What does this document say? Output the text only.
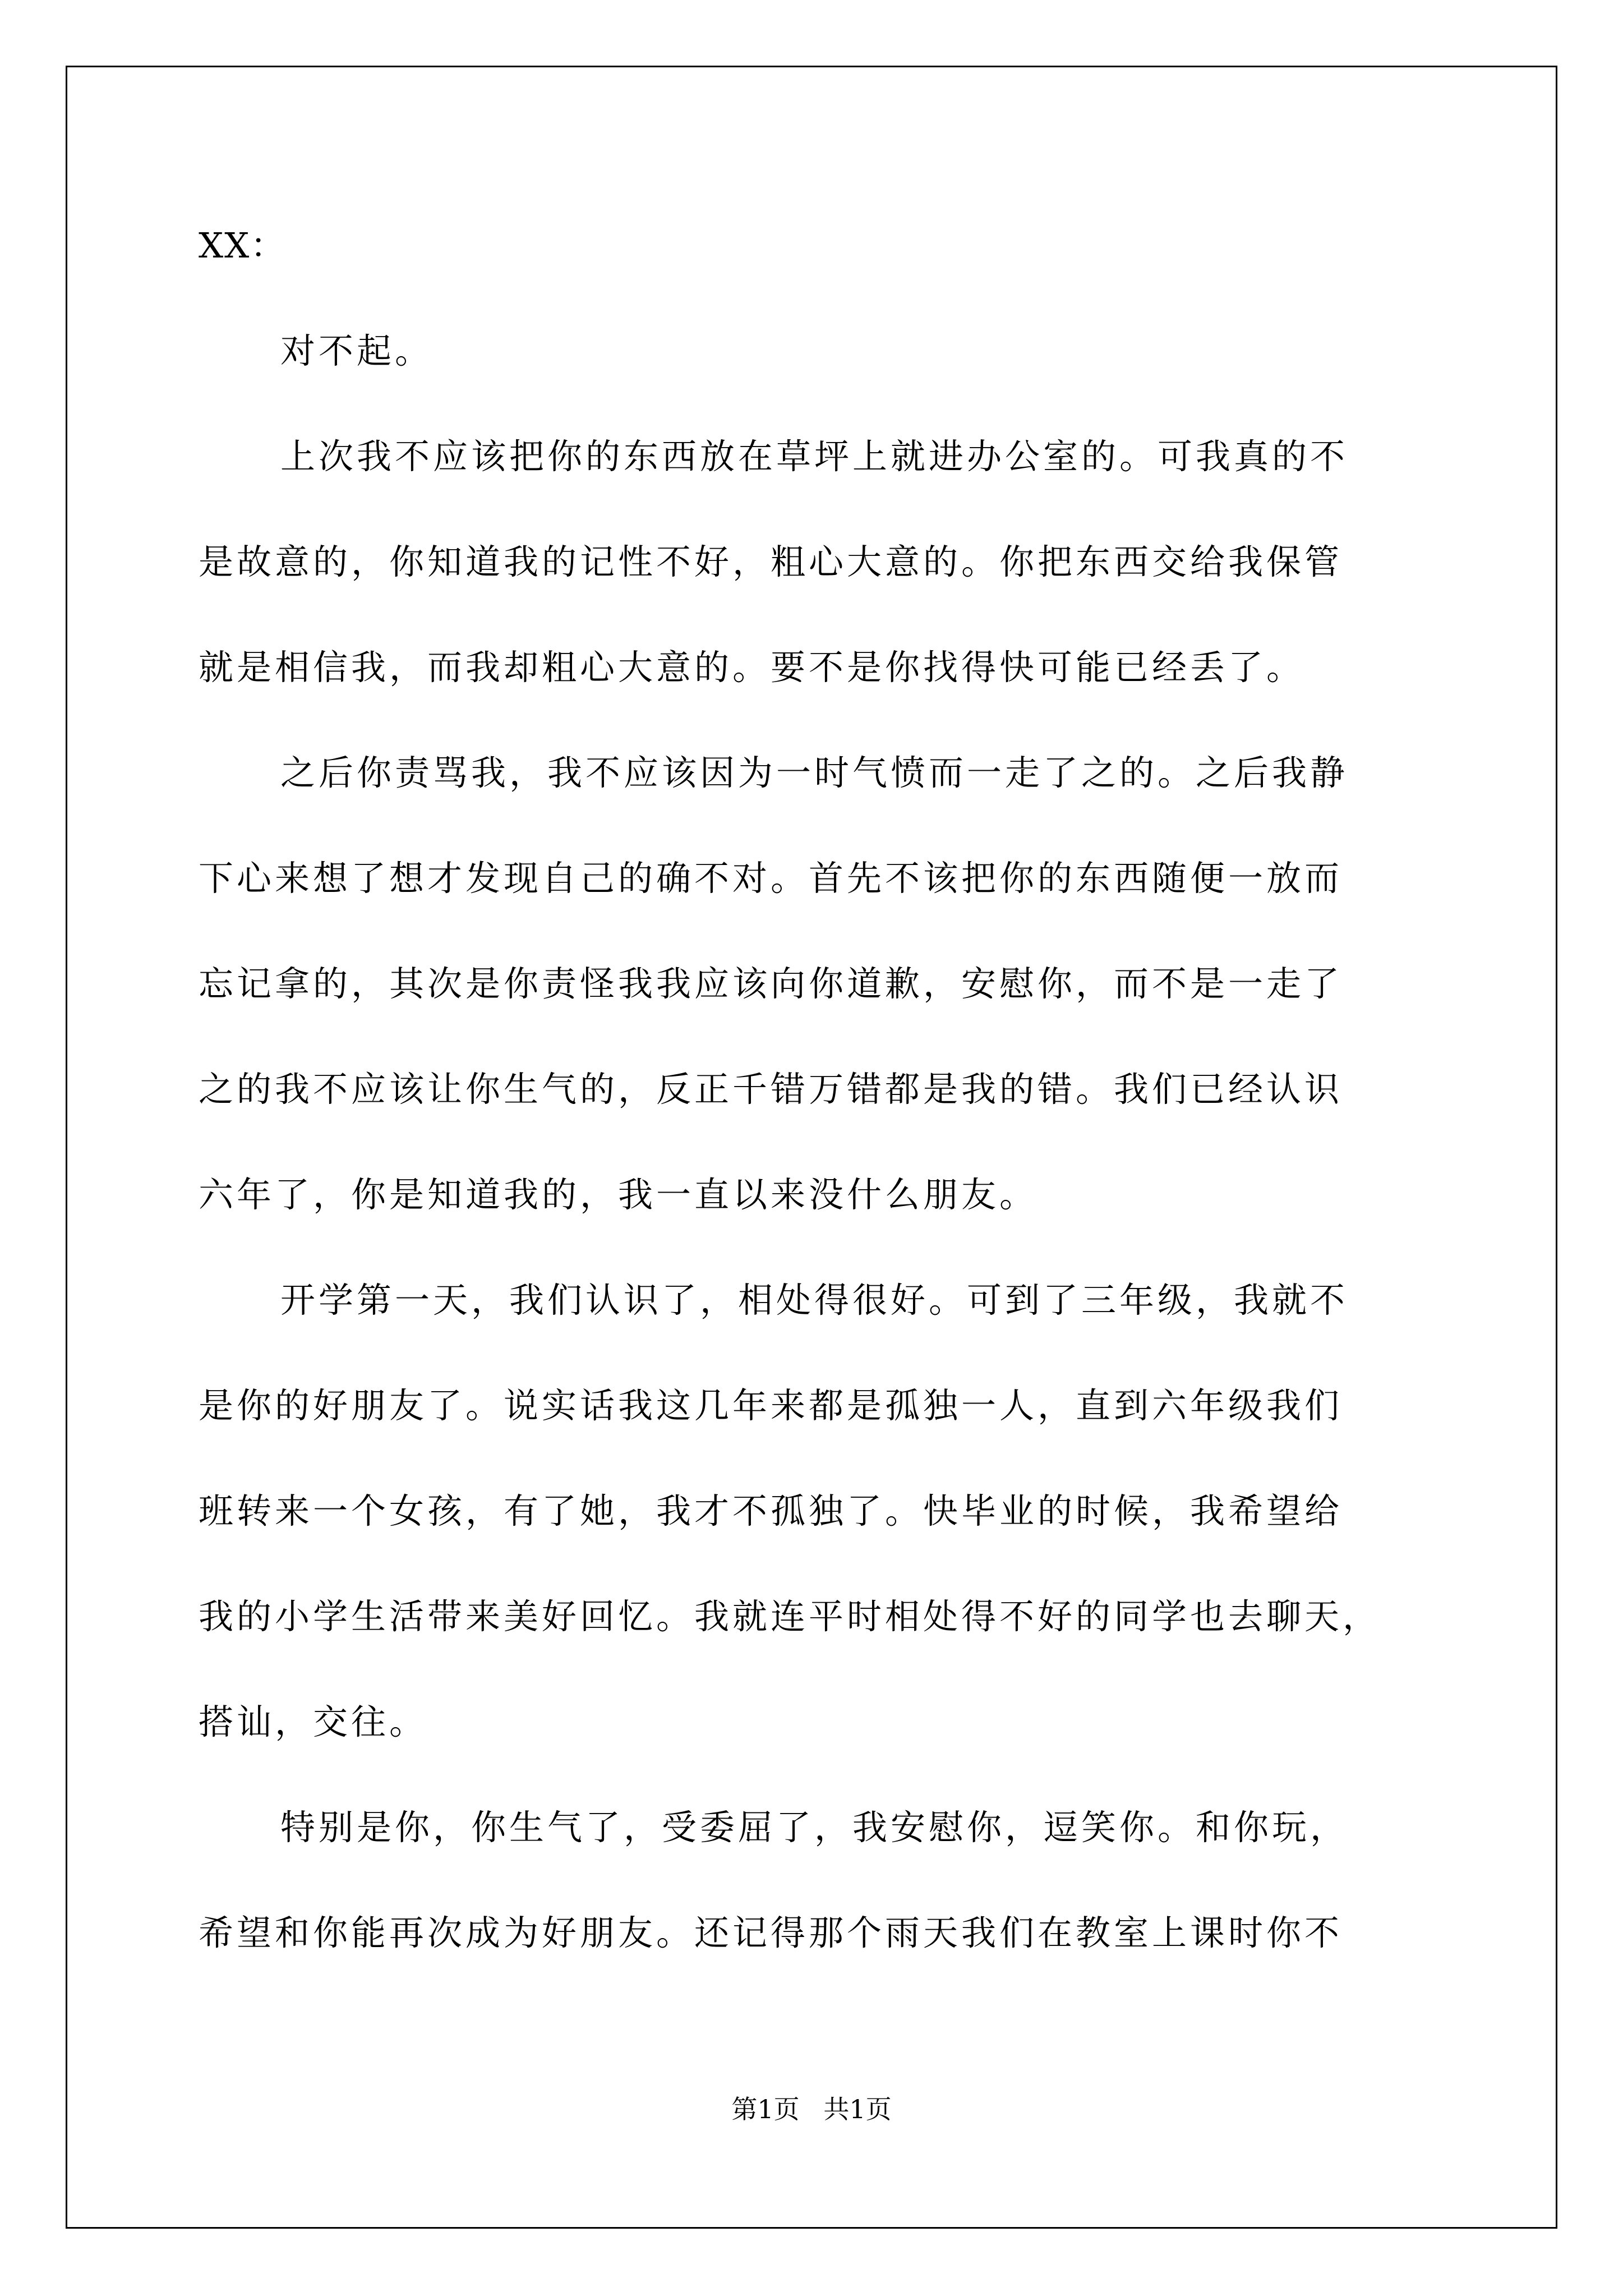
XX：
对不起。
上次我不应该把你的东西放在草坪上就进办公室的。可我真的不
是故意的，你知道我的记性不好，粗心大意的。你把东西交给我保管
就是相信我，而我却粗心大意的。要不是你找得快可能已经丢了。
之后你责骂我，我不应该因为一时气愤而一走了之的。之后我静
下心来想了想才发现自己的确不对。首先不该把你的东西随便一放而
忘记拿的，其次是你责怪我我应该向你道歉，安慰你，而不是一走了
之的我不应该让你生气的，反正千错万错都是我的错。我们已经认识
六年了，你是知道我的，我一直以来没什么朋友。
开学第一天，我们认识了，相处得很好。可到了三年级，我就不
是你的好朋友了。说实话我这几年来都是孤独一人，直到六年级我们
班转来一个女孩，有了她，我才不孤独了。快毕业的时候，我希望给
我的小学生活带来美好回忆。我就连平时相处得不好的同学也去聊天，
搭讪，交往。
特别是你，你生气了，受委屈了，我安慰你，逗笑你。和你玩，
希望和你能再次成为好朋友。还记得那个雨天我们在教室上课时你不
第1页 共1页
